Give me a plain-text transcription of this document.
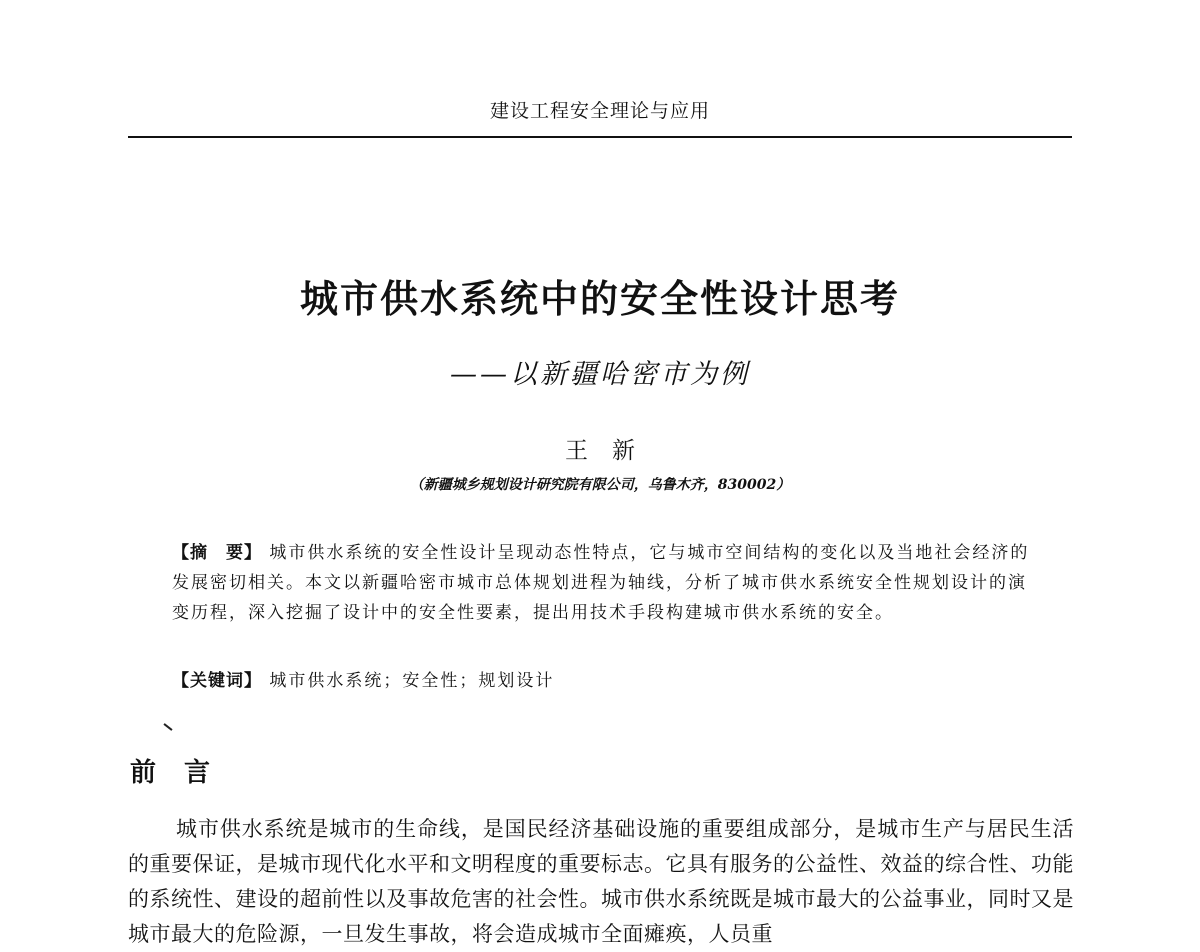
建设工程安全理论与应用
城市供水系统中的安全性设计思考
——以新疆哈密市为例
王新
（新疆城乡规划设计研究院有限公司，乌鲁木齐，830002）
【摘　要】 城市供水系统的安全性设计呈现动态性特点，它与城市空间结构的变化以及当地社会经济的发展密切相关。本文以新疆哈密市城市总体规划进程为轴线，分析了城市供水系统安全性规划设计的演变历程，深入挖掘了设计中的安全性要素，提出用技术手段构建城市供水系统的安全。
【关键词】 城市供水系统；安全性；规划设计
前言

城市供水系统是城市的生命线，是国民经济基础设施的重要组成部分，是城市生产与居民生活的重要保证，是城市现代化水平和文明程度的重要标志。它具有服务的公益性、效益的综合性、功能的系统性、建设的超前性以及事故危害的社会性。城市供水系统既是城市最大的公益事业，同时又是城市最大的危险源，一旦发生事故，将会造成城市全面瘫痪，人员重
